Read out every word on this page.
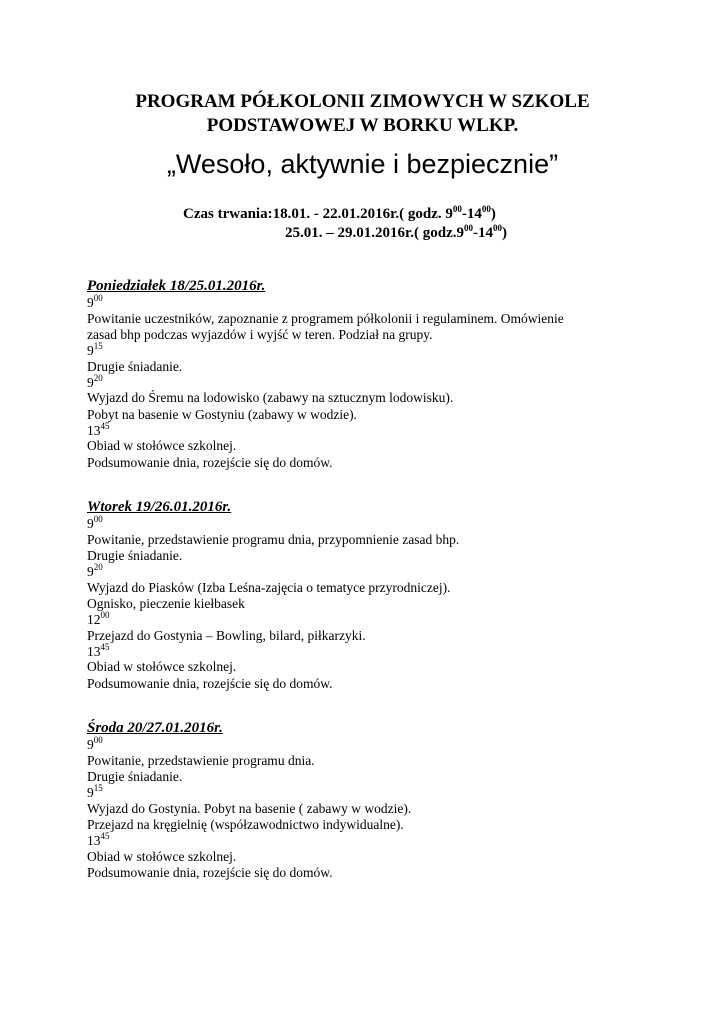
PROGRAM PÓŁKOLONII ZIMOWYCH W SZKOLE
PODSTAWOWEJ W BORKU WLKP.
„Wesoło, aktywnie i bezpiecznie”
Czas trwania:18.01. - 22.01.2016r.( godz. $9^{00}-14^{00}$)
25.01. – 29.01.2016r.( $godz.9^{00}-14^{00}$)
Poniedziałek 18/25.01.2016r.
$9^{00}$
Powitanie uczestników, zapoznanie z programem półkolonii i regulaminem. Omówienie
zasad bhp podczas wyjazdów i wyjść w teren. Podział na grupy.
$9^{15}$
Drugie śniadanie.
$9^{20}$
Wyjazd do Śremu na lodowisko (zabawy na sztucznym lodowisku).
Pobyt na basenie w Gostyniu (zabawy w wodzie).
$13^{45}$
Obiad w stołówce szkolnej.
Podsumowanie dnia, rozejście się do domów.
Wtorek 19/26.01.2016r.
$9^{00}$
Powitanie, przedstawienie programu dnia, przypomnienie zasad bhp.
Drugie śniadanie.
$9^{20}$
Wyjazd do Piasków (Izba Leśna-zajęcia o tematyce przyrodniczej).
Ognisko, pieczenie kiełbasek
$12^{00}$
Przejazd do Gostynia – Bowling, bilard, piłkarzyki.
$13^{45}$
Obiad w stołówce szkolnej.
Podsumowanie dnia, rozejście się do domów.
Środa 20/27.01.2016r.
$9^{00}$
Powitanie, przedstawienie programu dnia.
Drugie śniadanie.
$9^{15}$
Wyjazd do Gostynia. Pobyt na basenie ( zabawy w wodzie).
Przejazd na kręgielnię (współzawodnictwo indywidualne).
$13^{45}$
Obiad w stołówce szkolnej.
Podsumowanie dnia, rozejście się do domów.
